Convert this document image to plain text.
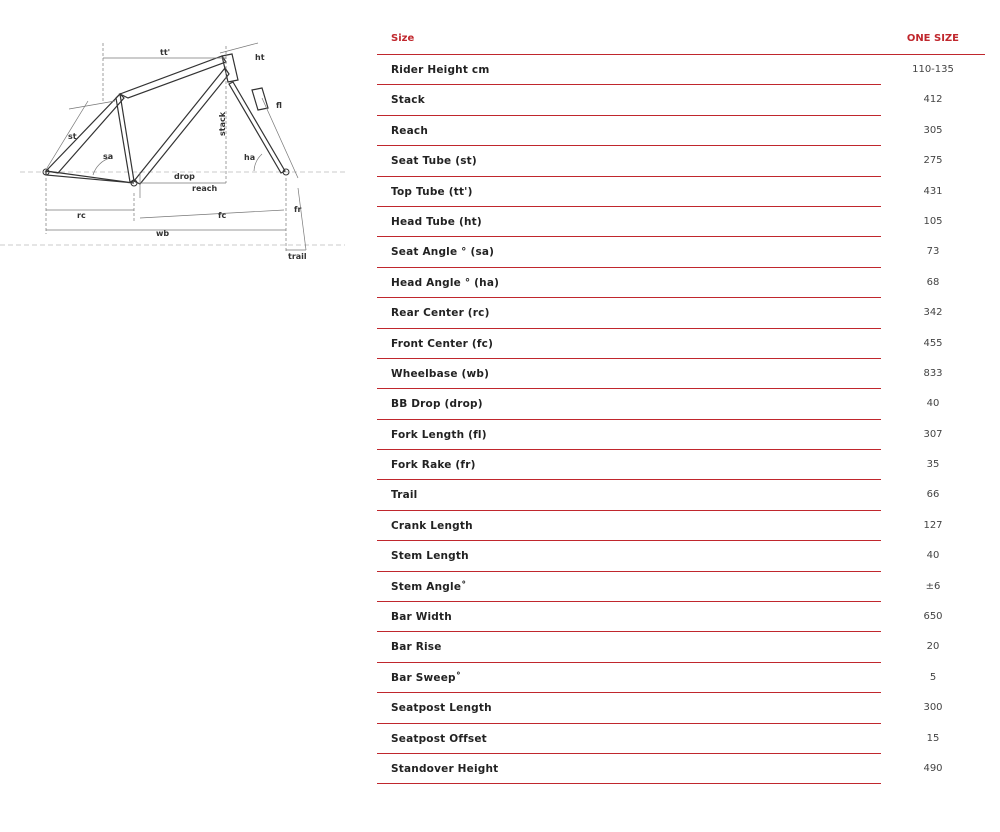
tt'
ht
fl
stack
st
sa	ha
drop
reach
rc	fc
fr
wb
trail
Size	ONE SIZE
Rider Height cm	110-135
Stack	412
Reach	305
Seat Tube (st)	275
Top Tube (tt')	431
Head Tube (ht)	105
Seat Angle ° (sa)	73
Head Angle ° (ha)	68
Rear Center (rc)	342
Front Center (fc)	455
Wheelbase (wb)	833
BB Drop (drop)	40
Fork Length (fl)	307
Fork Rake (fr)	35
Trail	66
Crank Length	127
Stem Length	40
Stem Angle˚	±6
Bar Width	650
Bar Rise	20
Bar Sweep˚	5
Seatpost Length	300
Seatpost Offset	15
Standover Height	490
